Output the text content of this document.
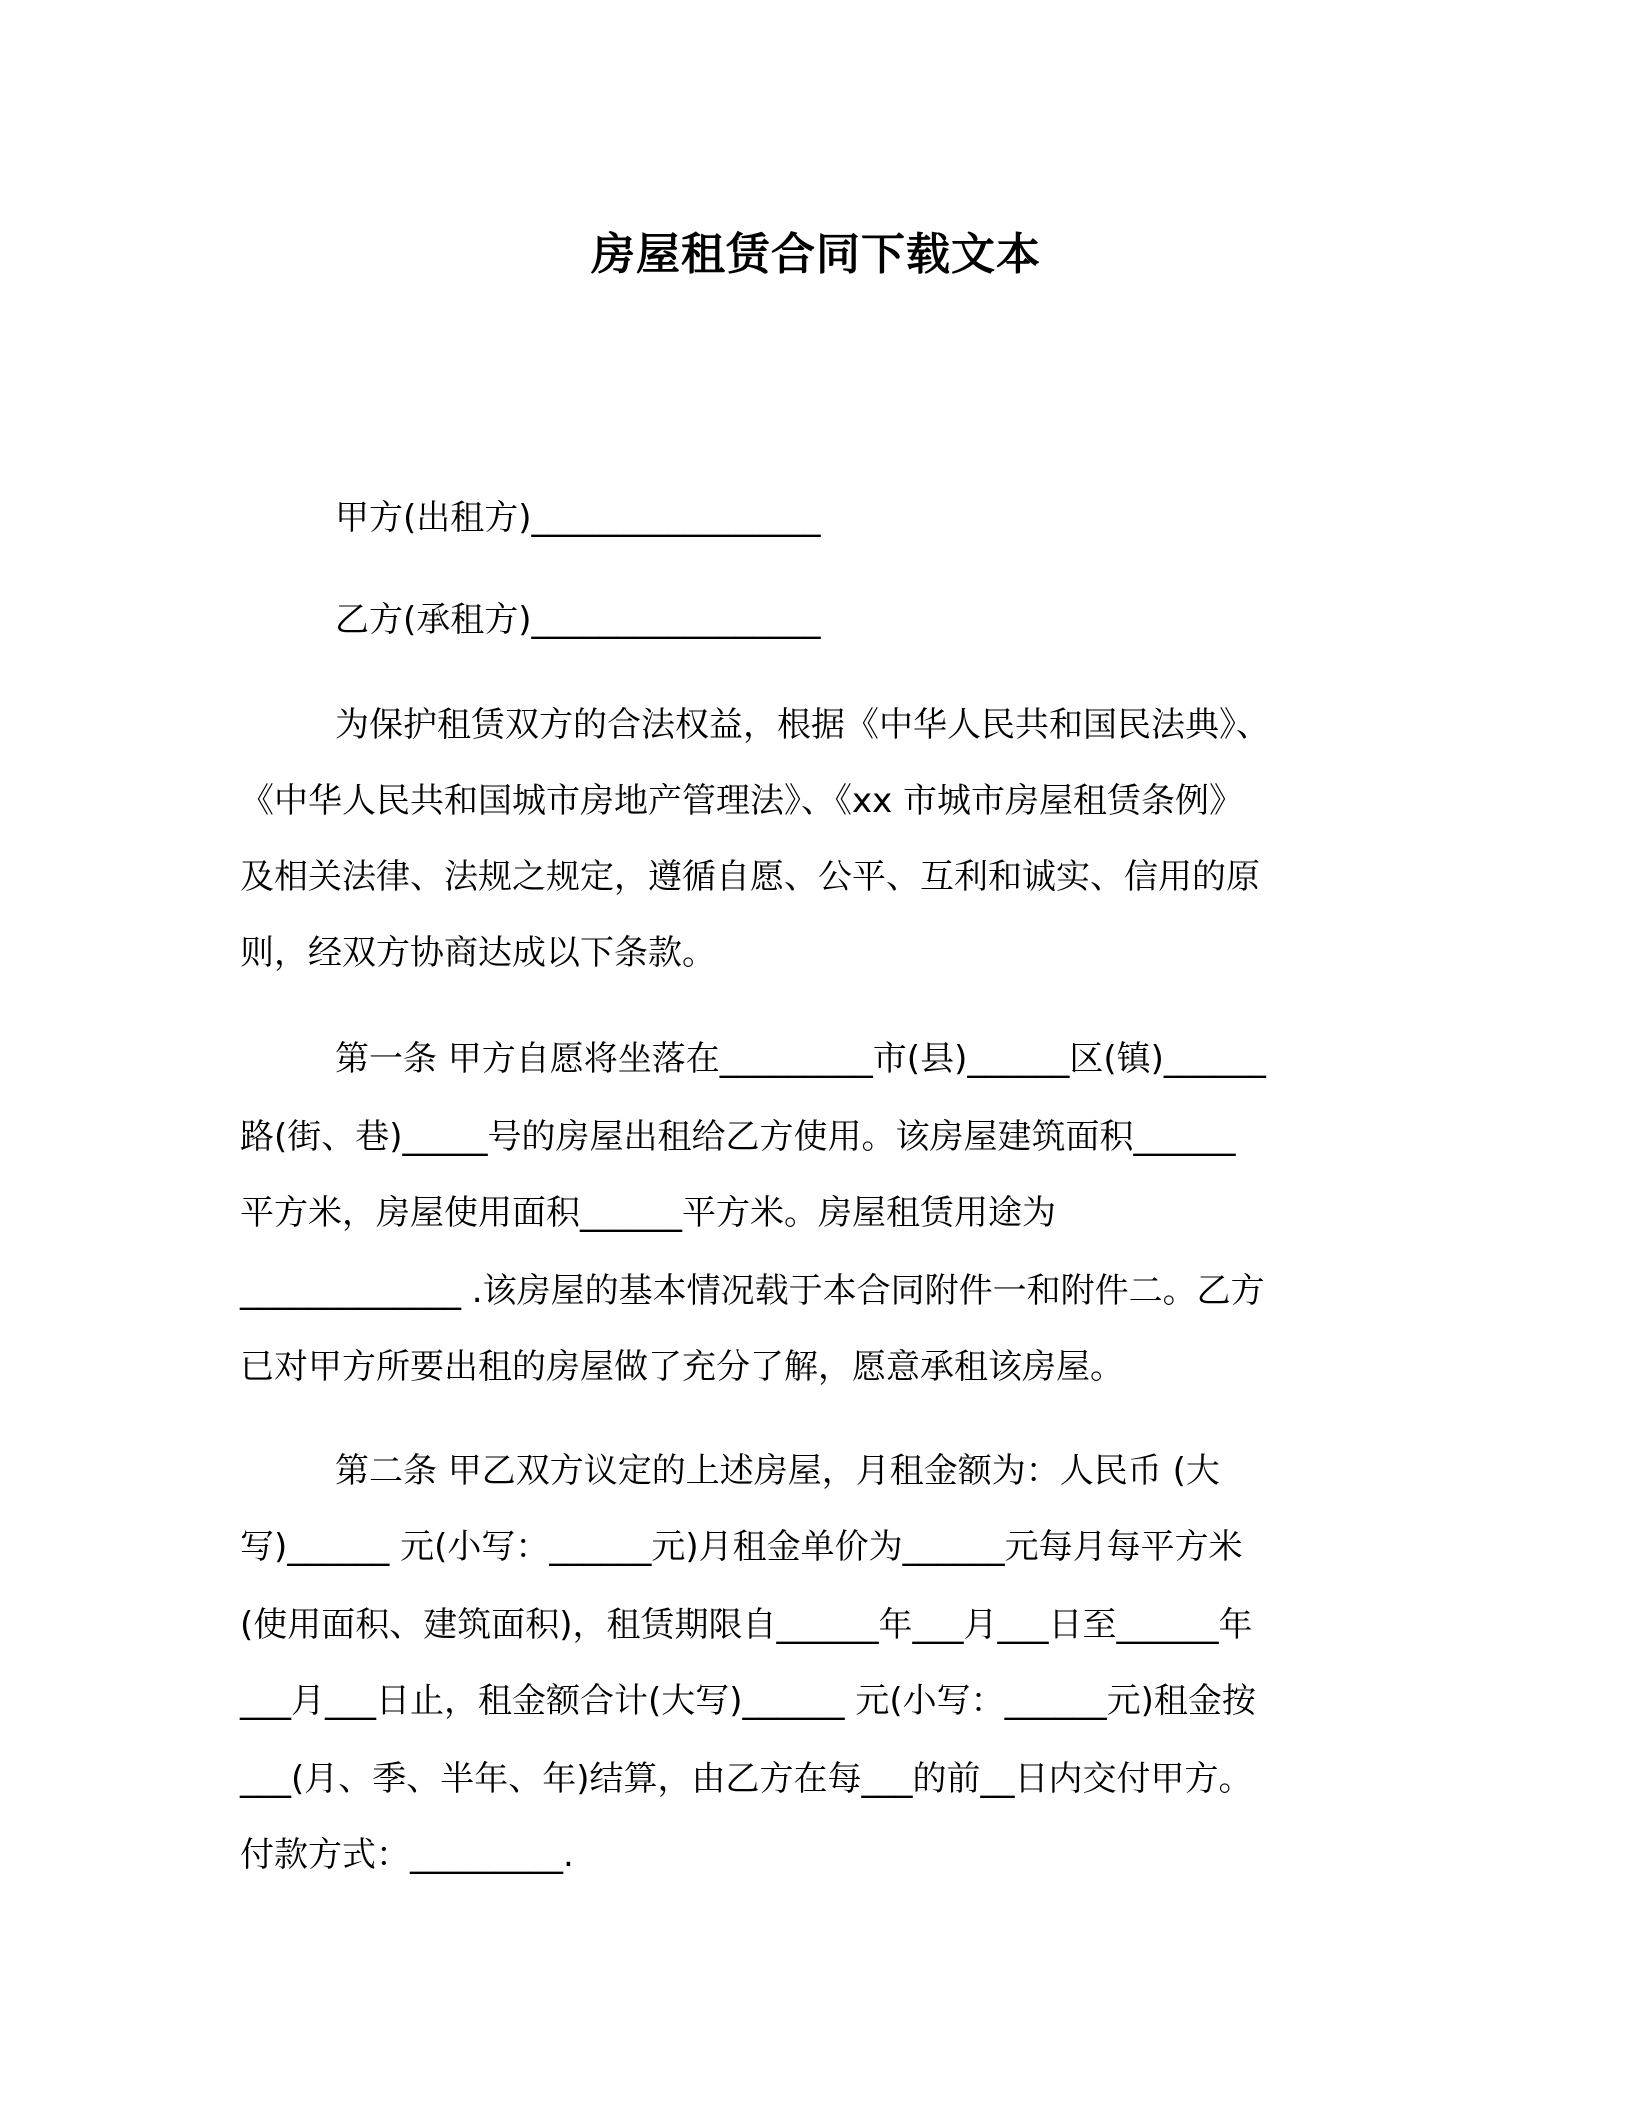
房屋租赁合同下载文本
甲方(出租方)_________________
乙方(承租方)_________________
为保护租赁双方的合法权益，根据《中华人民共和国民法典》、
《中华人民共和国城市房地产管理法》、《xx 市城市房屋租赁条例》
及相关法律、法规之规定，遵循自愿、公平、互利和诚实、信用的原
则，经双方协商达成以下条款。
第一条 甲方自愿将坐落在_________市(县)______区(镇)______
路(街、巷)_____号的房屋出租给乙方使用。该房屋建筑面积______
平方米，房屋使用面积______平方米。房屋租赁用途为
_____________ .该房屋的基本情况载于本合同附件一和附件二。乙方
已对甲方所要出租的房屋做了充分了解，愿意承租该房屋。
第二条 甲乙双方议定的上述房屋，月租金额为：人民币 (大
写)______ 元(小写：______元)月租金单价为______元每月每平方米
(使用面积、建筑面积)，租赁期限自______年___月___日至______年
___月___日止，租金额合计(大写)______ 元(小写：______元)租金按
___(月、季、半年、年)结算，由乙方在每___的前__日内交付甲方。
付款方式：_________.
